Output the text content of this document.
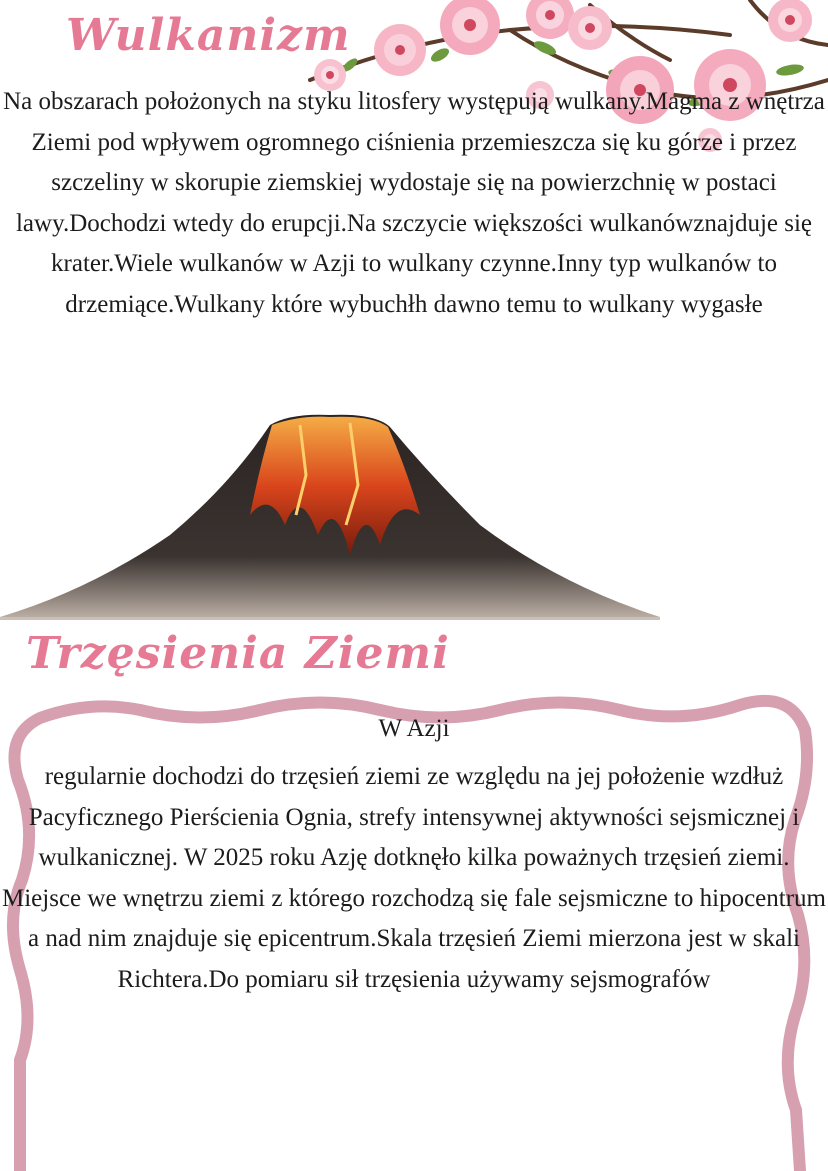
Wulkanizm

Na obszarach położonych na styku litosfery występują wulkany.Magma z wnętrza Ziemi pod wpływem ogromnego ciśnienia przemieszcza się ku górze i przez szczeliny w skorupie ziemskiej wydostaje się na powierzchnię w postaci lawy.Dochodzi wtedy do erupcji.Na szczycie większości wulkanówznajduje się krater.Wiele wulkanów w Azji to wulkany czynne.Inny typ wulkanów to drzemiące.Wulkany które wybuchłh dawno temu to wulkany wygasłe

Trzęsienia Ziemi
W Azji

regularnie dochodzi do trzęsień ziemi ze względu na jej położenie wzdłuż Pacyficznego Pierścienia Ognia, strefy intensywnej aktywności sejsmicznej i wulkanicznej. W 2025 roku Azję dotknęło kilka poważnych trzęsień ziemi. Miejsce we wnętrzu ziemi z którego rozchodzą się fale sejsmiczne to hipocentrum a nad nim znajduje się epicentrum.Skala trzęsień Ziemi mierzona jest w skali Richtera.Do pomiaru sił trzęsienia używamy sejsmografów
